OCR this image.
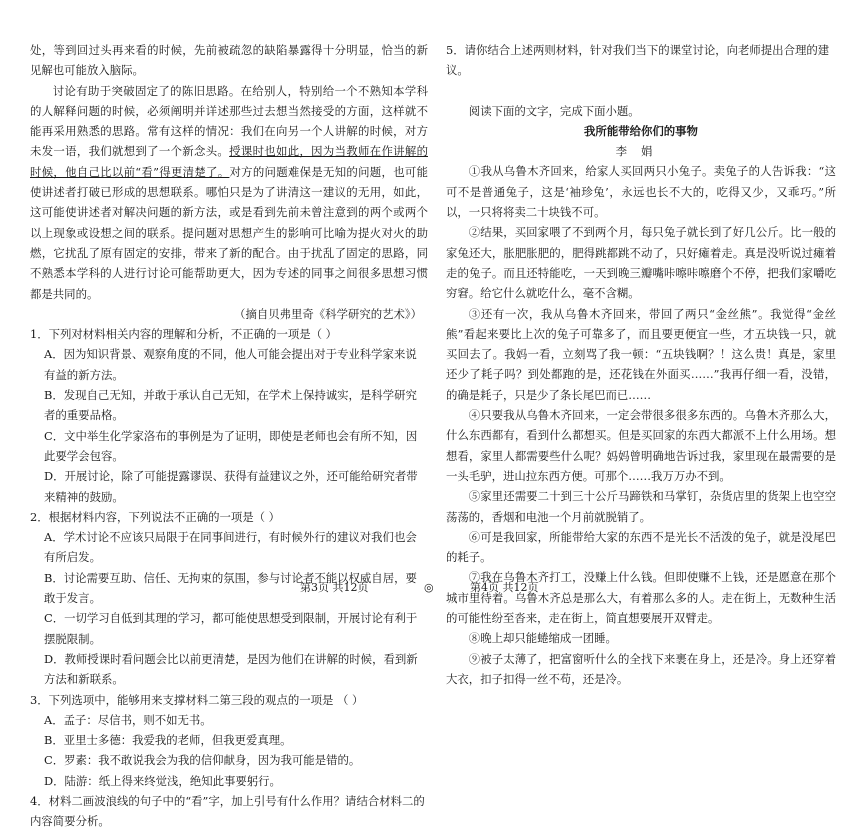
处，等到回过头再来看的时候，先前被疏忽的缺陷暴露得十分明显，恰当的新见解也可能放入脑际。

讨论有助于突破固定了的陈旧思路。在给别人，特别给一个不熟知本学科的人解释问题的时候，必须阐明并详述那些过去想当然接受的方面，这样就不能再采用熟悉的思路。常有这样的情况：我们在向另一个人讲解的时候，对方未发一语，我们就想到了一个新念头。授课时也如此，因为当教师在作讲解的时候，他自己比以前“看”得更清楚了。对方的问题难保是无知的问题，也可能使讲述者打破已形成的思想联系。哪怕只是为了讲清这一建议的无用，如此，这可能使讲述者对解决问题的新方法，或是看到先前未曾注意到的两个或两个以上现象或设想之间的联系。提问题对思想产生的影响可比喻为提火对火的助燃，它扰乱了原有固定的安排，带来了新的配合。由于扰乱了固定的思路，同不熟悉本学科的人进行讨论可能帮助更大，因为专述的同事之间很多思想习惯都是共同的。

（摘自贝弗里奇《科学研究的艺术》）

1．下列对材料相关内容的理解和分析，不正确的一项是（ ）

A．因为知识背景、观察角度的不同，他人可能会提出对于专业科学家来说有益的新方法。

B．发现自己无知，并敢于承认自己无知，在学术上保持诚实，是科学研究者的重要品格。

C．文中举生化学家洛布的事例是为了证明，即使是老师也会有所不知，因此要学会包容。

D．开展讨论，除了可能提露谬误、获得有益建议之外，还可能给研究者带来精神的鼓励。

2．根据材料内容，下列说法不正确的一项是（ ）

A．学术讨论不应该只局限于在同事间进行，有时候外行的建议对我们也会有所启发。

B．讨论需要互助、信任、无拘束的氛围，参与讨论者不能以权威自居，要敢于发言。

C．一切学习自低到其理的学习，都可能使思想受到限制，开展讨论有利于摆脱限制。

D．教师授课时看问题会比以前更清楚，是因为他们在讲解的时候，看到新方法和新联系。

3．下列选项中，能够用来支撑材料二第三段的观点的一项是 （ ）

A．孟子：尽信书，则不如无书。

B．亚里士多德：我爱我的老师，但我更爱真理。

C．罗素：我不敢说我会为我的信仰献身，因为我可能是错的。

D．陆游：纸上得来终觉浅，绝知此事要躬行。

4．材料二画波浪线的句子中的“看”字，加上引号有什么作用？请结合材料二的内容简要分析。

5．请你结合上述两则材料，针对我们当下的课堂讨论，向老师提出合理的建议。

阅读下面的文字，完成下面小题。

我所能带给你们的事物

李娟

①我从乌鲁木齐回来，给家人买回两只小兔子。卖兔子的人告诉我：“这可不是普通兔子，这是‘袖珍兔’，永远也长不大的，吃得又少，又乖巧。”所以，一只将将卖二十块钱不可。

②结果，买回家喂了不到两个月，每只兔子就长到了好几公斤。比一般的家兔还大，胀肥胀肥的，肥得跳都跳不动了，只好瘫着走。真是没听说过瘫着走的兔子。而且还特能吃，一天到晚三瓣嘴咔嚓咔嚓磨个不停，把我们家嚼吃穷窘。给它什么就吃什么，毫不含糊。

③还有一次，我从乌鲁木齐回来，带回了两只“金丝熊”。我觉得“金丝熊”看起来要比上次的兔子可靠多了，而且要更便宜一些，才五块钱一只，就买回去了。我妈一看，立刻骂了我一顿：“五块钱啊？！这么贵！真是，家里还少了耗子吗？到处都跑的是，还花钱在外面买……”我再仔细一看，没错，的确是耗子，只是少了条长尾巴而已……

④只要我从乌鲁木齐回来，一定会带很多很多东西的。乌鲁木齐那么大，什么东西都有，看到什么都想买。但是买回家的东西大都派不上什么用场。想想看，家里人都需要些什么呢？妈妈曾明确地告诉过我，家里现在最需要的是一头毛驴，进山拉东西方便。可那个……我万万办不到。

⑤家里还需要二十到三十公斤马蹄铁和马掌钉，杂货店里的货架上也空空荡荡的，香烟和电池一个月前就脱销了。

⑥可是我回家，所能带给大家的东西不是光长不活泼的兔子，就是没尾巴的耗子。

⑦我在乌鲁木齐打工，没赚上什么钱。但即使赚不上钱，还是愿意在那个城市里待着。乌鲁木齐总是那么大，有着那么多的人。走在街上，无数种生活的可能性纷至沓来，走在街上，简直想要展开双臂走。

⑧晚上却只能蜷缩成一团睡。

⑨被子太薄了，把富窗听什么的全找下来裹在身上，还是冷。身上还穿着大衣，扣子扣得一丝不苟，还是冷。

第3页 共12页	◎	第4页 共12页
